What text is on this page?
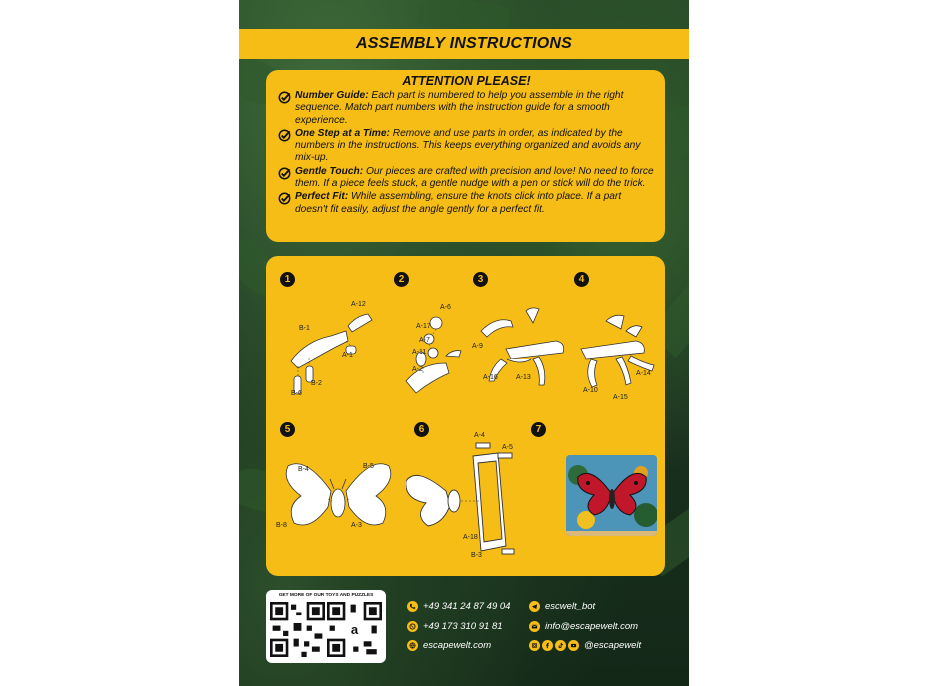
ASSEMBLY INSTRUCTIONS
ATTENTION PLEASE!
Number Guide: Each part is numbered to help you assemble in the right sequence. Match part numbers with the instruction guide for a smooth experience.
One Step at a Time: Remove and use parts in order, as indicated by the numbers in the instructions. This keeps everything organized and avoids any mix-up.
Gentle Touch: Our pieces are crafted with precision and love! No need to force them. If a piece feels stuck, a gentle nudge with a pen or stick will do the trick.
Perfect Fit: While assembling, ensure the knots click into place. If a part doesn't fit easily, adjust the angle gently for a perfect fit.
1	2	3	4
5	6	7
A-12
B-1
A-1
B-2
B-6
A-6
A-17
A-7
A-11
A-2
A-9
A-16	A-13
A-10
A-15
A-14
B-4	B-5
B-8	A-3
A-4
A-5
A-18
B-3
GET MORE OF OUR TOYS AND PUZZLES
a
+49 341 24 87 49 04
+49 173 310 91 81
escapewelt.com
escwelt_bot
info@escapewelt.com
@escapewelt
